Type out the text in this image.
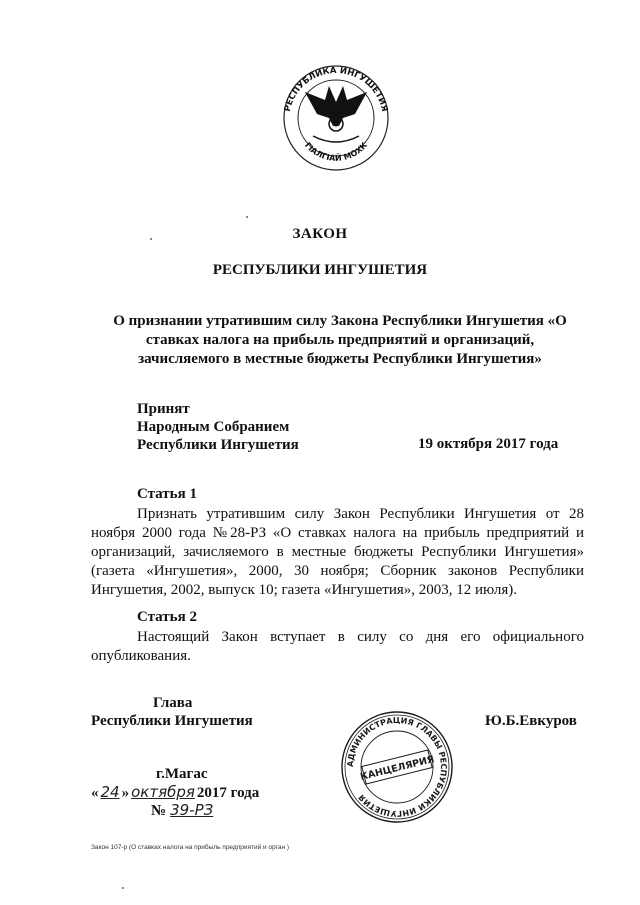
РЕСПУБЛИКА ИНГУШЕТИЯ
ГІАЛГІАЙ МОХК
ЗАКОН
РЕСПУБЛИКИ ИНГУШЕТИЯ
О признании утратившим силу Закона Республики Ингушетия «О ставках налога на прибыль предприятий и организаций, зачисляемого в местные бюджеты Республики Ингушетия»
Принят
Народным Собранием
Республики Ингушетия	19 октября 2017 года
Статья 1
Признать утратившим силу Закон Республики Ингушетия от 28 ноября 2000 года №28-РЗ «О ставках налога на прибыль предприятий и организаций, зачисляемого в местные бюджеты Республики Ингушетия» (газета «Ингушетия», 2000, 30 ноября; Сборник законов Республики Ингушетия, 2002, выпуск 10; газета «Ингушетия», 2003, 12 июля).
Статья 2
Настоящий Закон вступает в силу со дня его официального опубликования.
Глава
Республики Ингушетия	Ю.Б.Евкуров
АДМИНИСТРАЦИЯ ГЛАВЫ РЕСПУБЛИКИ ИНГУШЕТИЯ
КАНЦЕЛЯРИЯ
г.Магас
« 24 » октября 2017 года
№ 39-РЗ
Закон 107-р (О ставках налога на прибыль предприятий и орган )
